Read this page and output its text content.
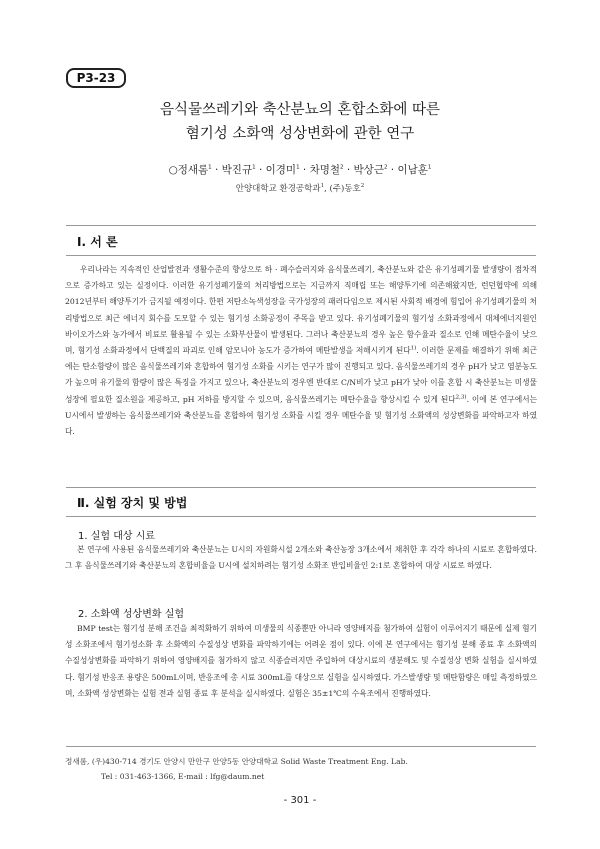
P3-23
음식물쓰레기와 축산분뇨의 혼합소화에 따른
혐기성 소화액 성상변화에 관한 연구
○정새롬$^1$ · 박진규$^1$ · 이경미$^1$ · 차명철$^2$ · 박상근$^2$ · 이남훈$^1$
안양대학교 환경공학과$^1$, (주)동호$^2$
Ⅰ. 서 론

우리나라는 지속적인 산업발전과 생활수준의 향상으로 하 · 폐수슬러지와 음식물쓰레기, 축산분뇨와 같은 유기성폐기물 발생량이 점차적으로 증가하고 있는 실정이다. 이러한 유기성폐기물의 처리방법으로는 지금까지 직매립 또는 해양투기에 의존해왔지만, 런던협약에 의해 2012년부터 해양투기가 금지될 예정이다. 한편 저탄소녹색성장을 국가성장의 패러다임으로 제시된 사회적 배경에 힘입어 유기성폐기물의 처리방법으로 최근 에너지 회수를 도모할 수 있는 혐기성 소화공정이 주목을 받고 있다. 유기성폐기물의 혐기성 소화과정에서 대체에너지원인 바이오가스와 농가에서 비료로 활용될 수 있는 소화부산물이 발생된다. 그러나 축산분뇨의 경우 높은 함수율과 질소로 인해 메탄수율이 낮으며, 혐기성 소화과정에서 단백질의 파괴로 인해 암모니아 농도가 증가하여 메탄발생을 저해시키게 된다$^{1)}$. 이러한 문제를 해결하기 위해 최근에는 탄소함량이 많은 음식물쓰레기와 혼합하여 혐기성 소화를 시키는 연구가 많이 진행되고 있다. 음식물쓰레기의 경우 pH가 낮고 염분농도가 높으며 유기물의 함량이 많은 특징을 가지고 있으나, 축산분뇨의 경우엔 반대로 C/N비가 낮고 pH가 낮아 이를 혼합 시 축산분뇨는 미생물성장에 필요한 질소원을 제공하고, pH 저하를 방지할 수 있으며, 음식물쓰레기는 메탄수율을 향상시킬 수 있게 된다$^{2,3)}$. 이에 본 연구에서는 U시에서 발생하는 음식물쓰레기와 축산분뇨를 혼합하여 혐기성 소화를 시킬 경우 메탄수율 및 혐기성 소화액의 성상변화를 파악하고자 하였다.

Ⅱ. 실험 장치 및 방법
1. 실험 대상 시료

본 연구에 사용된 음식물쓰레기와 축산분뇨는 U시의 자원화시설 2개소와 축산농장 3개소에서 채취한 후 각각 하나의 시료로 혼합하였다. 그 후 음식물쓰레기와 축산분뇨의 혼합비율을 U시에 설치하려는 혐기성 소화조 반입비율인 2:1로 혼합하여 대상 시료로 하였다.

2. 소화액 성상변화 실험

BMP test는 혐기성 분해 조건을 최적화하기 위하여 미생물의 식종뿐만 아니라 영양배지를 첨가하여 실험이 이루어지기 때문에 실제 혐기성 소화조에서 혐기성소화 후 소화액의 수질성상 변화를 파악하기에는 어려운 점이 있다. 이에 본 연구에서는 혐기성 분해 종료 후 소화액의 수질성상변화를 파악하기 위하여 영양배지를 첨가하지 않고 식종슬러지만 주입하여 대상시료의 생분해도 및 수질성상 변화 실험을 실시하였다. 혐기성 반응조 용량은 500mL이며, 반응조에 총 시료 300mL를 대상으로 실험을 실시하였다. 가스발생량 및 메탄함량은 매일 측정하였으며, 소화액 성상변화는 실험 전과 실험 종료 후 분석을 실시하였다. 실험은 35±1℃의 수욕조에서 진행하였다.

정새롬, (우)430-714 경기도 안양시 만안구 안양5동 안양대학교 Solid Waste Treatment Eng. Lab.
Tel : 031-463-1366, E-mail : lfg@daum.net
- 301 -
